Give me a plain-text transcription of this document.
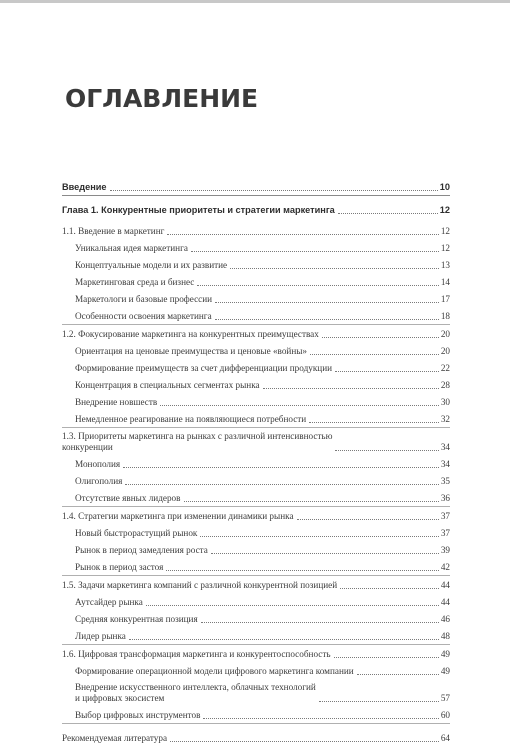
ОГЛАВЛЕНИЕ
Введение	10
Глава 1. Конкурентные приоритеты и стратегии маркетинга	12
1.1. Введение в маркетинг	12
Уникальная идея маркетинга	12
Концептуальные модели и их развитие	13
Маркетинговая среда и бизнес	14
Маркетологи и базовые профессии	17
Особенности освоения маркетинга	18
1.2. Фокусирование маркетинга на конкурентных преимуществах	20
Ориентация на ценовые преимущества и ценовые «войны»	20
Формирование преимуществ за счет дифференциации продукции	22
Концентрация в специальных сегментах рынка	28
Внедрение новшеств	30
Немедленное реагирование на появляющиеся потребности	32
1.3. Приоритеты маркетинга на рынках с различной интенсивностью
конкуренции	34
Монополия	34
Олигополия	35
Отсутствие явных лидеров	36
1.4. Стратегии маркетинга при изменении динамики рынка	37
Новый быстрорастущий рынок	37
Рынок в период замедления роста	39
Рынок в период застоя	42
1.5. Задачи маркетинга компаний с различной конкурентной позицией	44
Аутсайдер рынка	44
Средняя конкурентная позиция	46
Лидер рынка	48
1.6. Цифровая трансформация маркетинга и конкурентоспособность	49
Формирование операционной модели цифрового маркетинга компании	49
Внедрение искусственного интеллекта, облачных технологий
и цифровых экосистем	57
Выбор цифровых инструментов	60
Рекомендуемая литература	64
